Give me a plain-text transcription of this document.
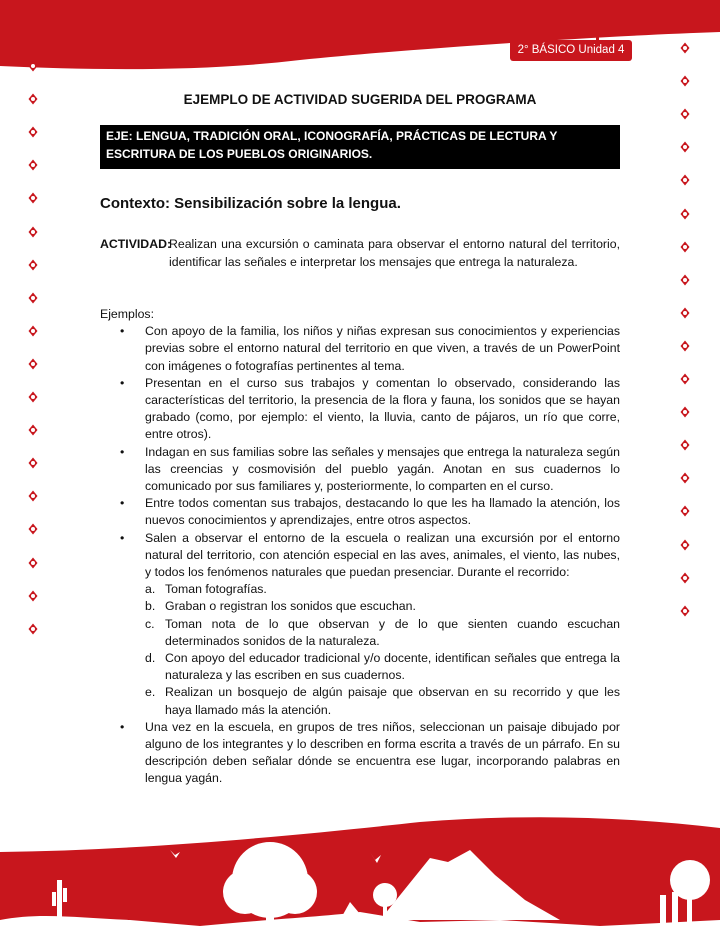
2° BÁSICO Unidad 4
EJEMPLO DE ACTIVIDAD SUGERIDA DEL PROGRAMA
EJE: LENGUA, TRADICIÓN ORAL, ICONOGRAFÍA, PRÁCTICAS DE LECTURA Y ESCRITURA DE LOS PUEBLOS ORIGINARIOS.
Contexto: Sensibilización sobre la lengua.
ACTIVIDAD:
Realizan una excursión o caminata para observar el entorno natural del territorio, identificar las señales e interpretar los mensajes que entrega la naturaleza.
Ejemplos:
• Con apoyo de la familia, los niños y niñas expresan sus conocimientos y experiencias previas sobre el entorno natural del territorio en que viven, a través de un PowerPoint con imágenes o fotografías pertinentes al tema.
• Presentan en el curso sus trabajos y comentan lo observado, considerando las características del territorio, la presencia de la flora y fauna, los sonidos que se hayan grabado (como, por ejemplo: el viento, la lluvia, canto de pájaros, un río que corre, entre otros).
• Indagan en sus familias sobre las señales y mensajes que entrega la naturaleza según las creencias y cosmovisión del pueblo yagán. Anotan en sus cuadernos lo comunicado por sus familiares y, posteriormente, lo comparten en el curso.
• Entre todos comentan sus trabajos, destacando lo que les ha llamado la atención, los nuevos conocimientos y aprendizajes, entre otros aspectos.
• Salen a observar el entorno de la escuela o realizan una excursión por el entorno natural del territorio, con atención especial en las aves, animales, el viento, las nubes, y todos los fenómenos naturales que puedan presenciar. Durante el recorrido:
a. Toman fotografías.
b. Graban o registran los sonidos que escuchan.
c. Toman nota de lo que observan y de lo que sienten cuando escuchan determinados sonidos de la naturaleza.
d. Con apoyo del educador tradicional y/o docente, identifican señales que entrega la naturaleza y las escriben en sus cuadernos.
e. Realizan un bosquejo de algún paisaje que observan en su recorrido y que les haya llamado más la atención.
• Una vez en la escuela, en grupos de tres niños, seleccionan un paisaje dibujado por alguno de los integrantes y lo describen en forma escrita a través de un párrafo. En su descripción deben señalar dónde se encuentra ese lugar, incorporando palabras en lengua yagán.
